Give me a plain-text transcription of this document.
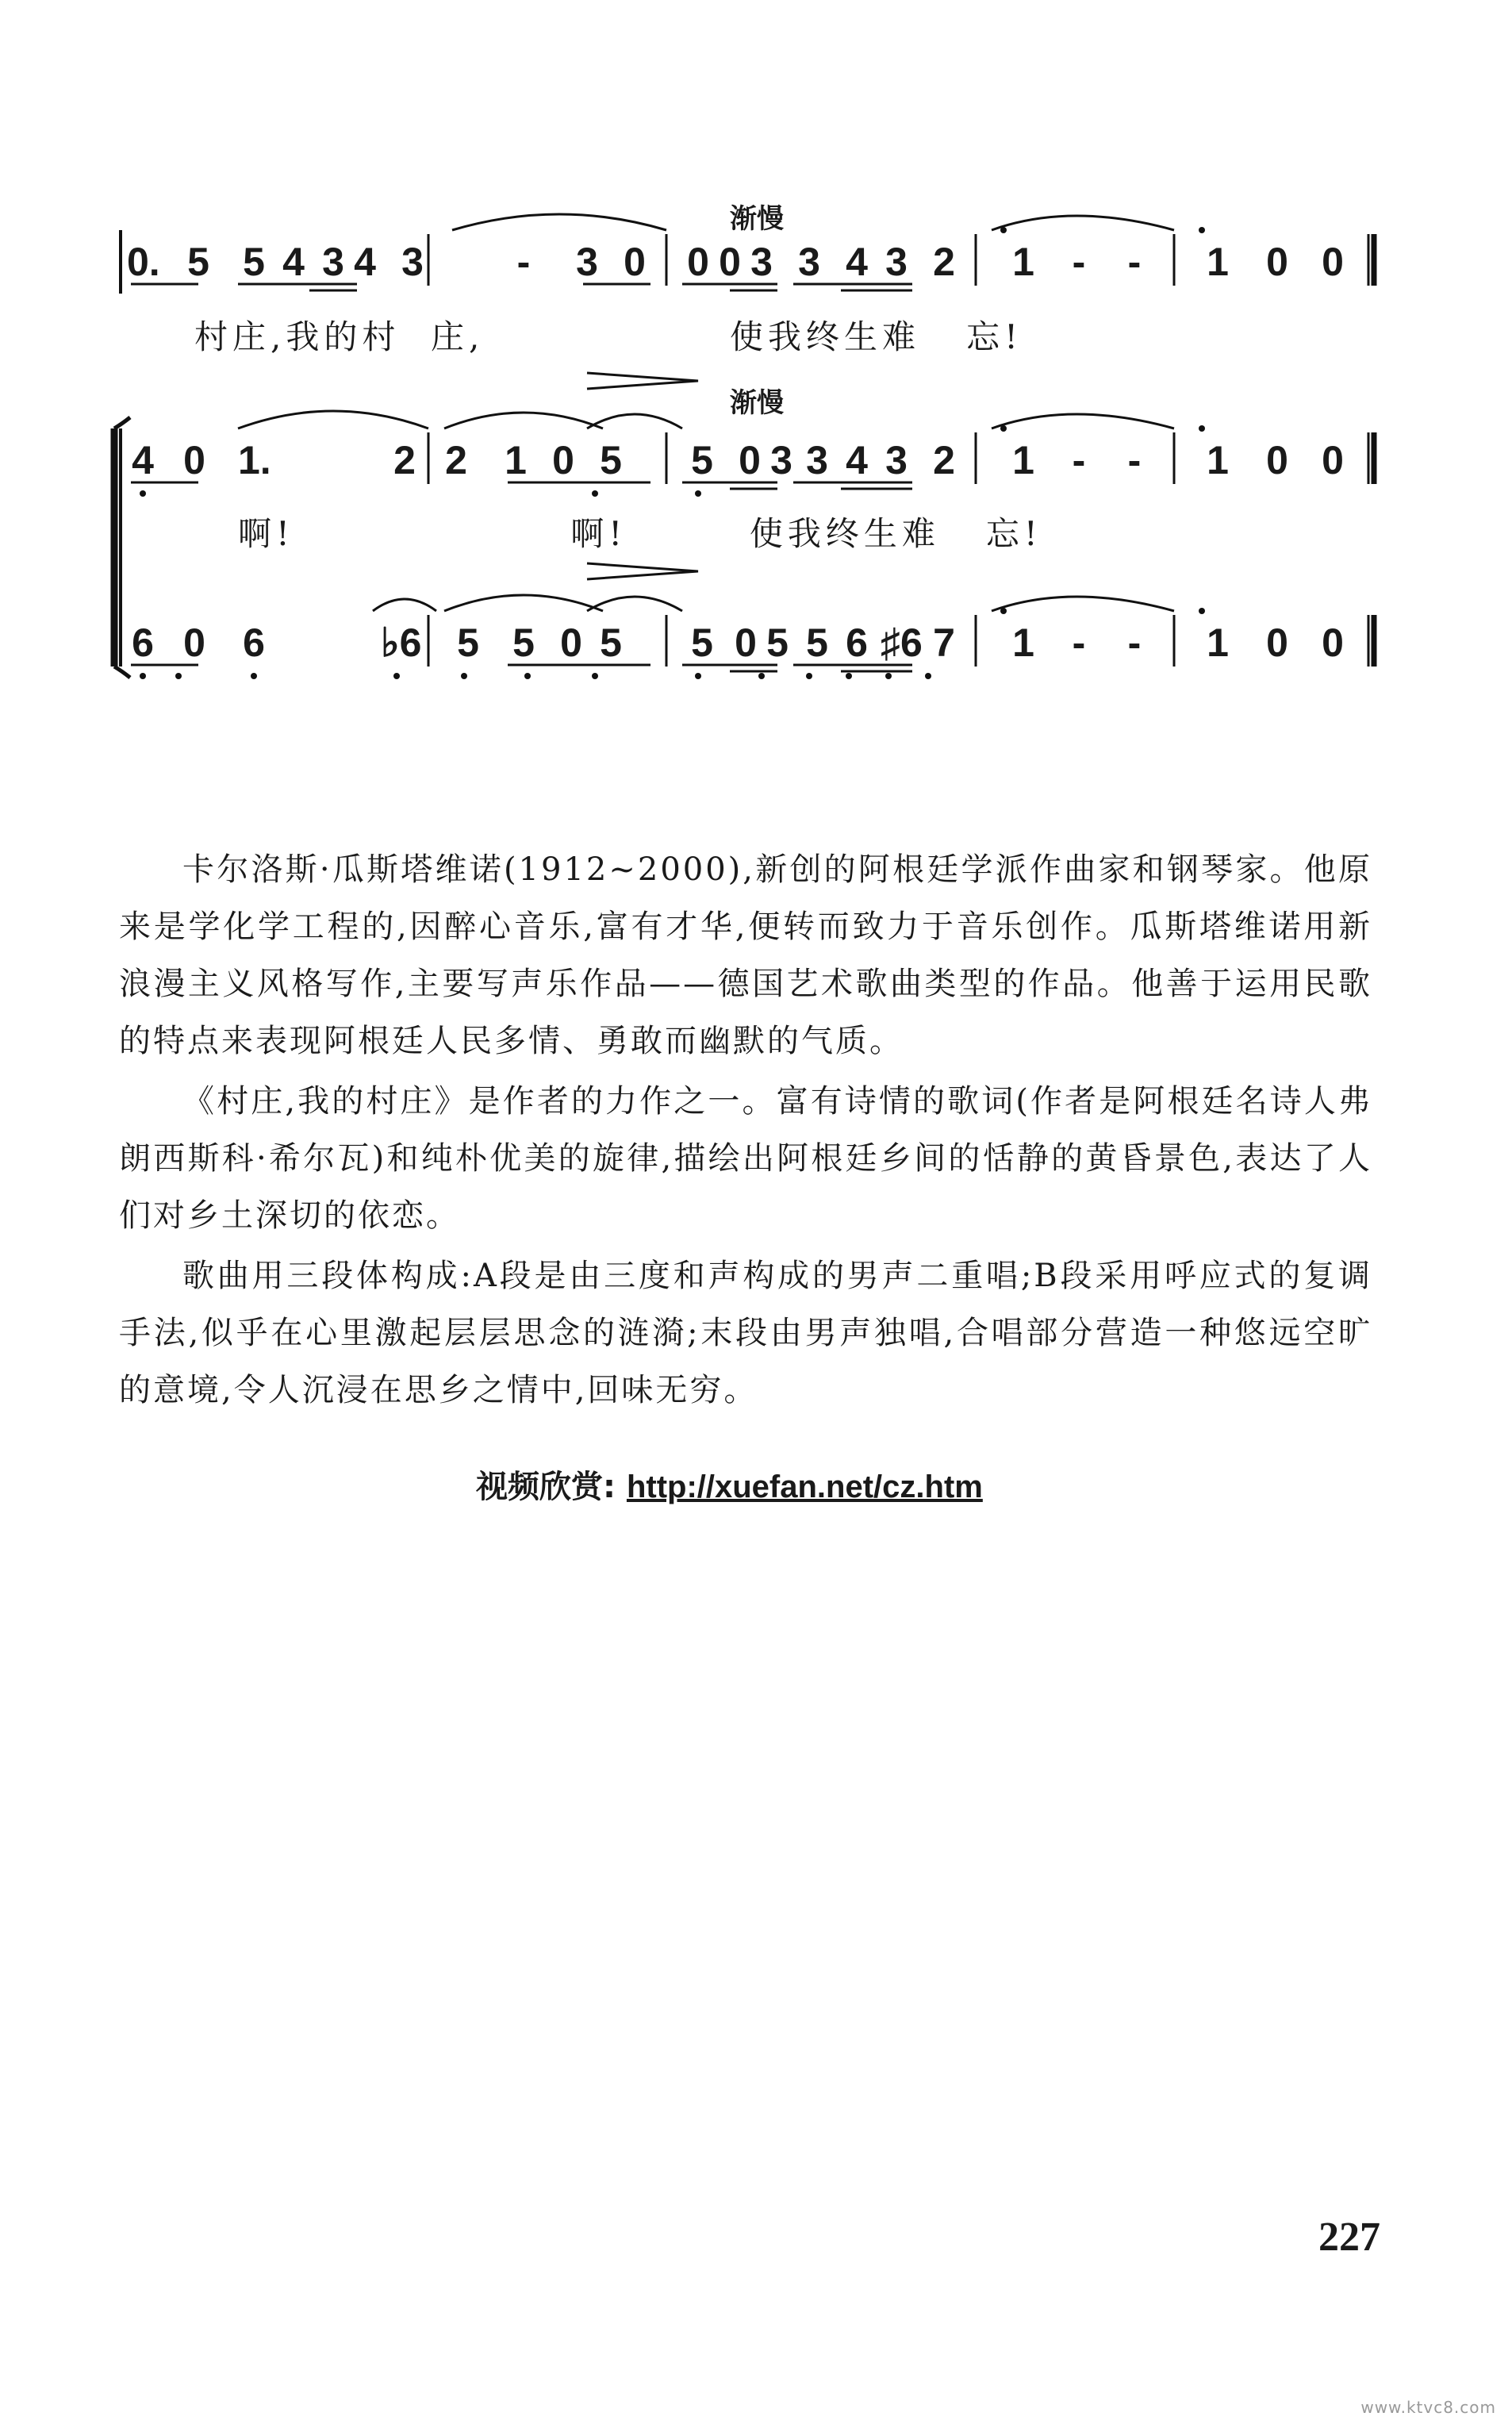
渐慢
渐慢
0. 5 5 4 3 4 3 - 3 0 0 0 3 3 4 3 2 1 - - 1 0 0
4 0 1.	2 2 1 0 5 5 0 3 3 4 3 2 1 - - 1 0 0
6 0 6	♭6 5 5 0 5 5 0 5 5 6 ♯6 7 1 - - 1 0 0
村庄,我的村  庄,                使我终生难   忘!
啊!                  啊!        使我终生难   忘!

卡尔洛斯·瓜斯塔维诺(1912~2000),新创的阿根廷学派作曲家和钢琴家。他原来是学化学工程的,因醉心音乐,富有才华,便转而致力于音乐创作。瓜斯塔维诺用新浪漫主义风格写作,主要写声乐作品——德国艺术歌曲类型的作品。他善于运用民歌的特点来表现阿根廷人民多情、勇敢而幽默的气质。

《村庄,我的村庄》是作者的力作之一。富有诗情的歌词(作者是阿根廷名诗人弗朗西斯科·希尔瓦)和纯朴优美的旋律,描绘出阿根廷乡间的恬静的黄昏景色,表达了人们对乡土深切的依恋。

歌曲用三段体构成:A段是由三度和声构成的男声二重唱;B段采用呼应式的复调手法,似乎在心里激起层层思念的涟漪;末段由男声独唱,合唱部分营造一种悠远空旷的意境,令人沉浸在思乡之情中,回味无穷。

视频欣赏: http://xuefan.net/cz.htm
227
www.ktvc8.com
